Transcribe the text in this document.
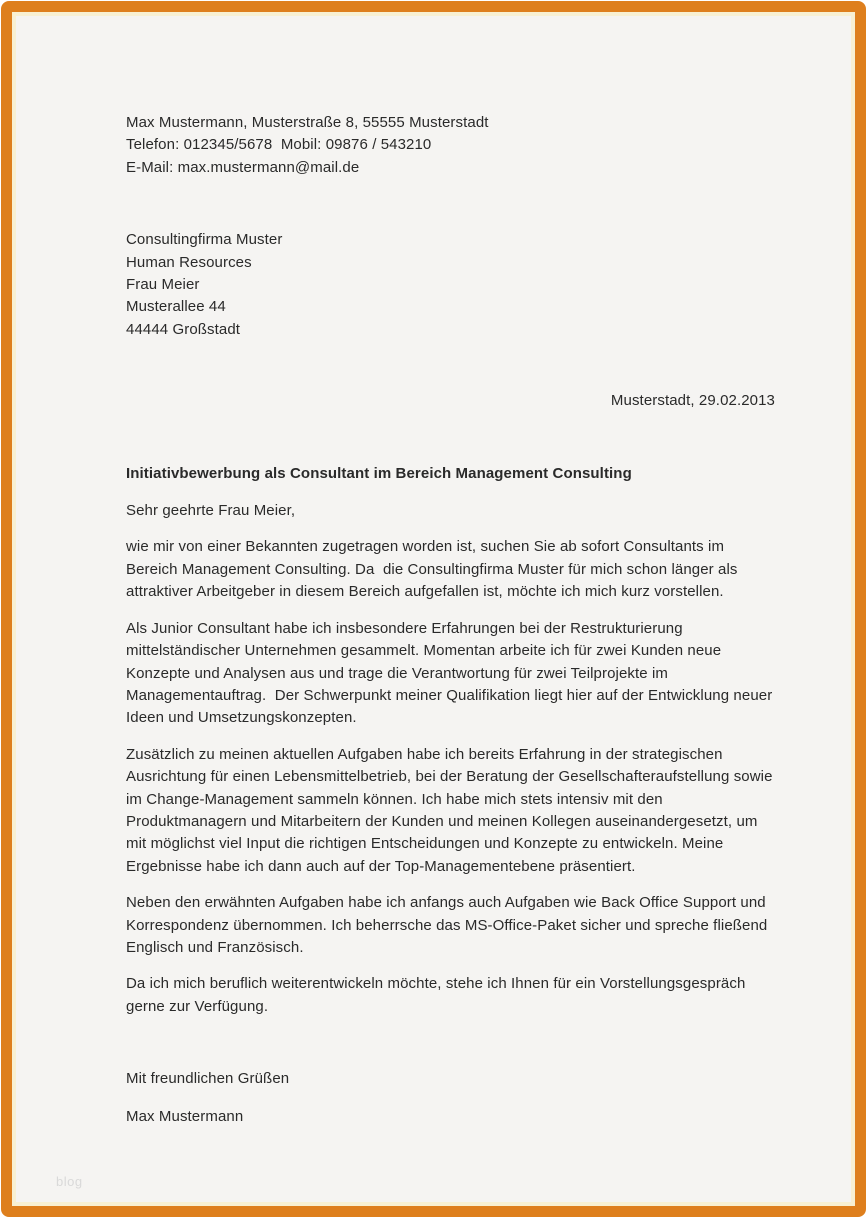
Max Mustermann, Musterstraße 8, 55555 Musterstadt
Telefon: 012345/5678  Mobil: 09876 / 543210
E-Mail: max.mustermann@mail.de
Consultingfirma Muster
Human Resources
Frau Meier
Musterallee 44
44444 Großstadt
Musterstadt, 29.02.2013
Initiativbewerbung als Consultant im Bereich Management Consulting
Sehr geehrte Frau Meier,

wie mir von einer Bekannten zugetragen worden ist, suchen Sie ab sofort Consultants im Bereich Management Consulting. Da  die Consultingfirma Muster für mich schon länger als attraktiver Arbeitgeber in diesem Bereich aufgefallen ist, möchte ich mich kurz vorstellen.

Als Junior Consultant habe ich insbesondere Erfahrungen bei der Restrukturierung mittelständischer Unternehmen gesammelt. Momentan arbeite ich für zwei Kunden neue Konzepte und Analysen aus und trage die Verantwortung für zwei Teilprojekte im Managementauftrag.  Der Schwerpunkt meiner Qualifikation liegt hier auf der Entwicklung neuer Ideen und Umsetzungskonzepten.

Zusätzlich zu meinen aktuellen Aufgaben habe ich bereits Erfahrung in der strategischen Ausrichtung für einen Lebensmittelbetrieb, bei der Beratung der Gesellschafteraufstellung sowie im Change-Management sammeln können. Ich habe mich stets intensiv mit den Produktmanagern und Mitarbeitern der Kunden und meinen Kollegen auseinandergesetzt, um mit möglichst viel Input die richtigen Entscheidungen und Konzepte zu entwickeln. Meine Ergebnisse habe ich dann auch auf der Top-Managementebene präsentiert.

Neben den erwähnten Aufgaben habe ich anfangs auch Aufgaben wie Back Office Support und Korrespondenz übernommen. Ich beherrsche das MS-Office-Paket sicher und spreche fließend Englisch und Französisch.

Da ich mich beruflich weiterentwickeln möchte, stehe ich Ihnen für ein Vorstellungsgespräch gerne zur Verfügung.

Mit freundlichen Grüßen
Max Mustermann
blog
